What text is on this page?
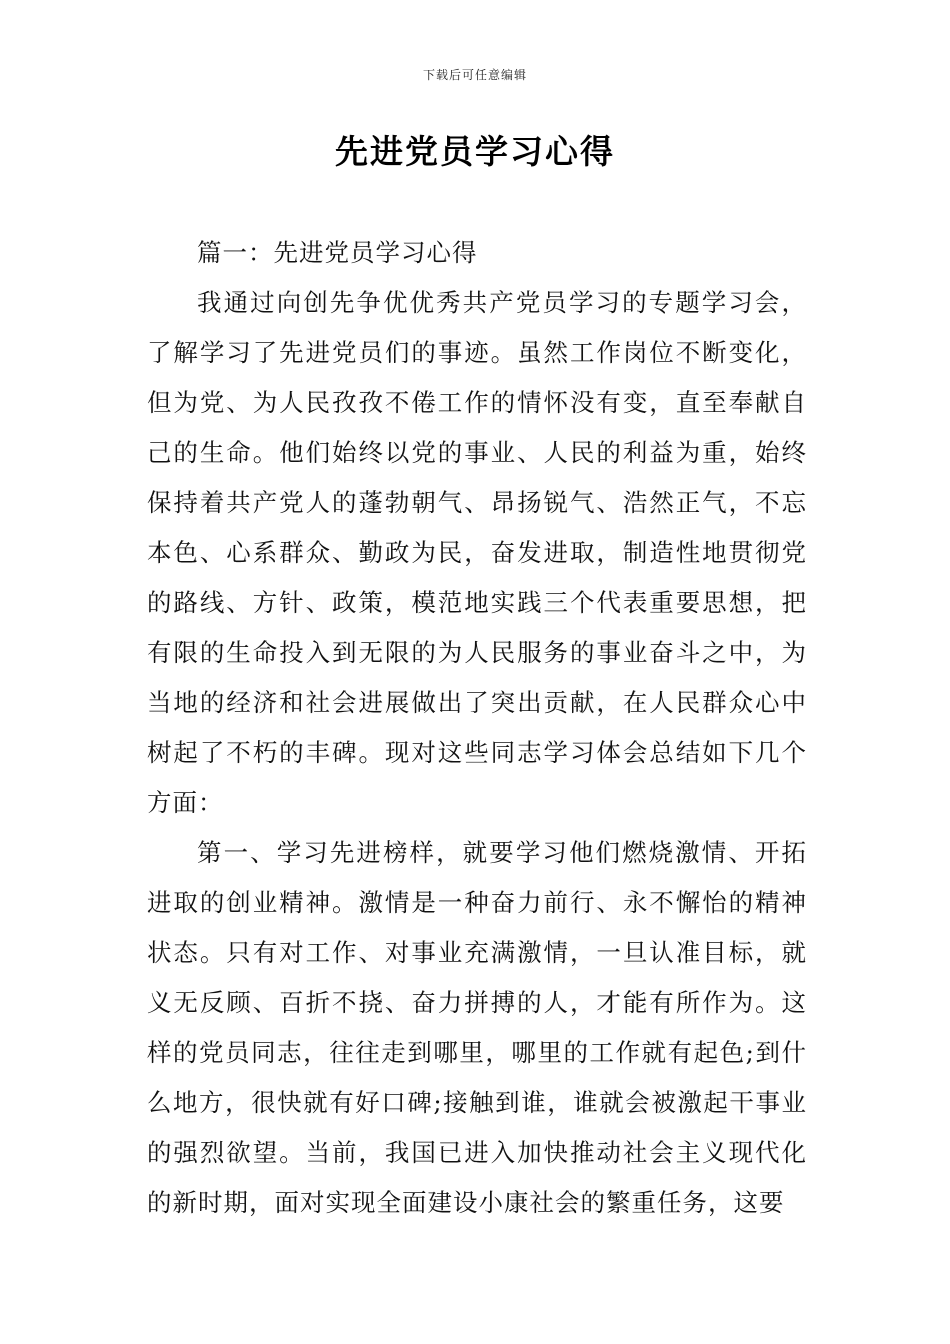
下载后可任意编辑
先进党员学习心得

篇一：先进党员学习心得

我通过向创先争优优秀共产党员学习的专题学习会，了解学习了先进党员们的事迹。虽然工作岗位不断变化，但为党、为人民孜孜不倦工作的情怀没有变，直至奉献自己的生命。他们始终以党的事业、人民的利益为重，始终保持着共产党人的蓬勃朝气、昂扬锐气、浩然正气，不忘本色、心系群众、勤政为民，奋发进取，制造性地贯彻党的路线、方针、政策，模范地实践三个代表重要思想，把有限的生命投入到无限的为人民服务的事业奋斗之中，为当地的经济和社会进展做出了突出贡献，在人民群众心中树起了不朽的丰碑。现对这些同志学习体会总结如下几个方面：

第一、学习先进榜样，就要学习他们燃烧激情、开拓进取的创业精神。激情是一种奋力前行、永不懈怡的精神状态。只有对工作、对事业充满激情，一旦认准目标，就义无反顾、百折不挠、奋力拼搏的人，才能有所作为。这样的党员同志，往往走到哪里，哪里的工作就有起色;到什么地方，很快就有好口碑;接触到谁，谁就会被激起干事业的强烈欲望。当前，我国已进入加快推动社会主义现代化的新时期，面对实现全面建设小康社会的繁重任务，这要
